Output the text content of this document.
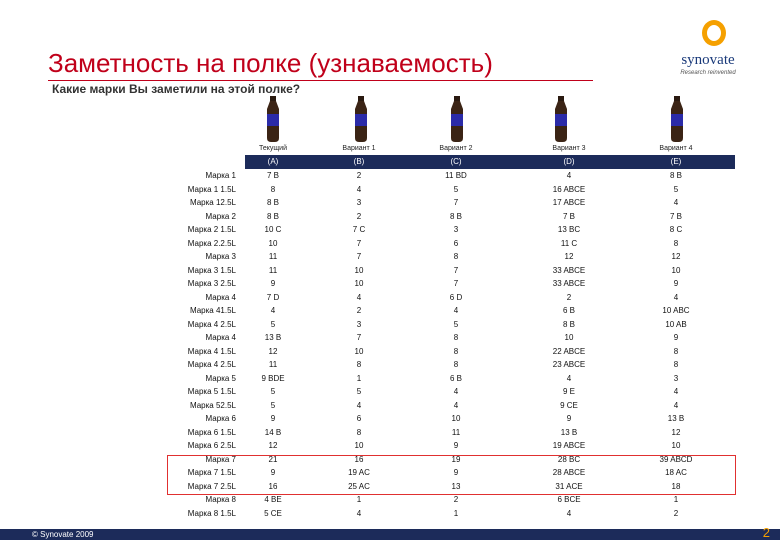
Заметность на полке (узнаваемость)
Какие марки Вы заметили на этой полке?
synovate
Research reinvented
Текущий	Вариант 1	Вариант 2	Вариант 3	Вариант 4
(A)	(B)	(C)	(D)	(E)
Марка 1	7 B	2	11 BD	4	8 B
Марка 1 1.5L	8	4	5	16 ABCE	5
Марка 12.5L	8 B	3	7	17 ABCE	4
Марка 2	8 B	2	8 B	7 B	7 B
Марка 2 1.5L	10 C	7 C	3	13 BC	8 C
Марка 2.2.5L	10	7	6	11 C	8
Марка 3	11	7	8	12	12
Марка 3 1.5L	11	10	7	33 ABCE	10
Марка 3 2.5L	9	10	7	33 ABCE	9
Марка 4	7 D	4	6 D	2	4
Марка 41.5L	4	2	4	6 B	10 ABC
Марка 4 2.5L	5	3	5	8 B	10 AB
Марка 4	13 B	7	8	10	9
Марка 4 1.5L	12	10	8	22 ABCE	8
Марка 4 2.5L	11	8	8	23 ABCE	8
Марка 5	9 BDE	1	6 B	4	3
Марка 5 1.5L	5	5	4	9 E	4
Марка 52.5L	5	4	4	9 CE	4
Марка 6	9	6	10	9	13 B
Марка 6 1.5L	14 B	8	11	13 B	12
Марка 6 2.5L	12	10	9	19 ABCE	10
Марка 7	21	16	19	28 BC	39 ABCD
Марка 7 1.5L	9	19 AC	9	28 ABCE	18 AC
Марка 7 2.5L	16	25 AC	13	31 ACE	18
Марка 8	4 BE	1	2	6 BCE	1
Марка 8 1.5L	5 CE	4	1	4	2
© Synovate 2009	2
